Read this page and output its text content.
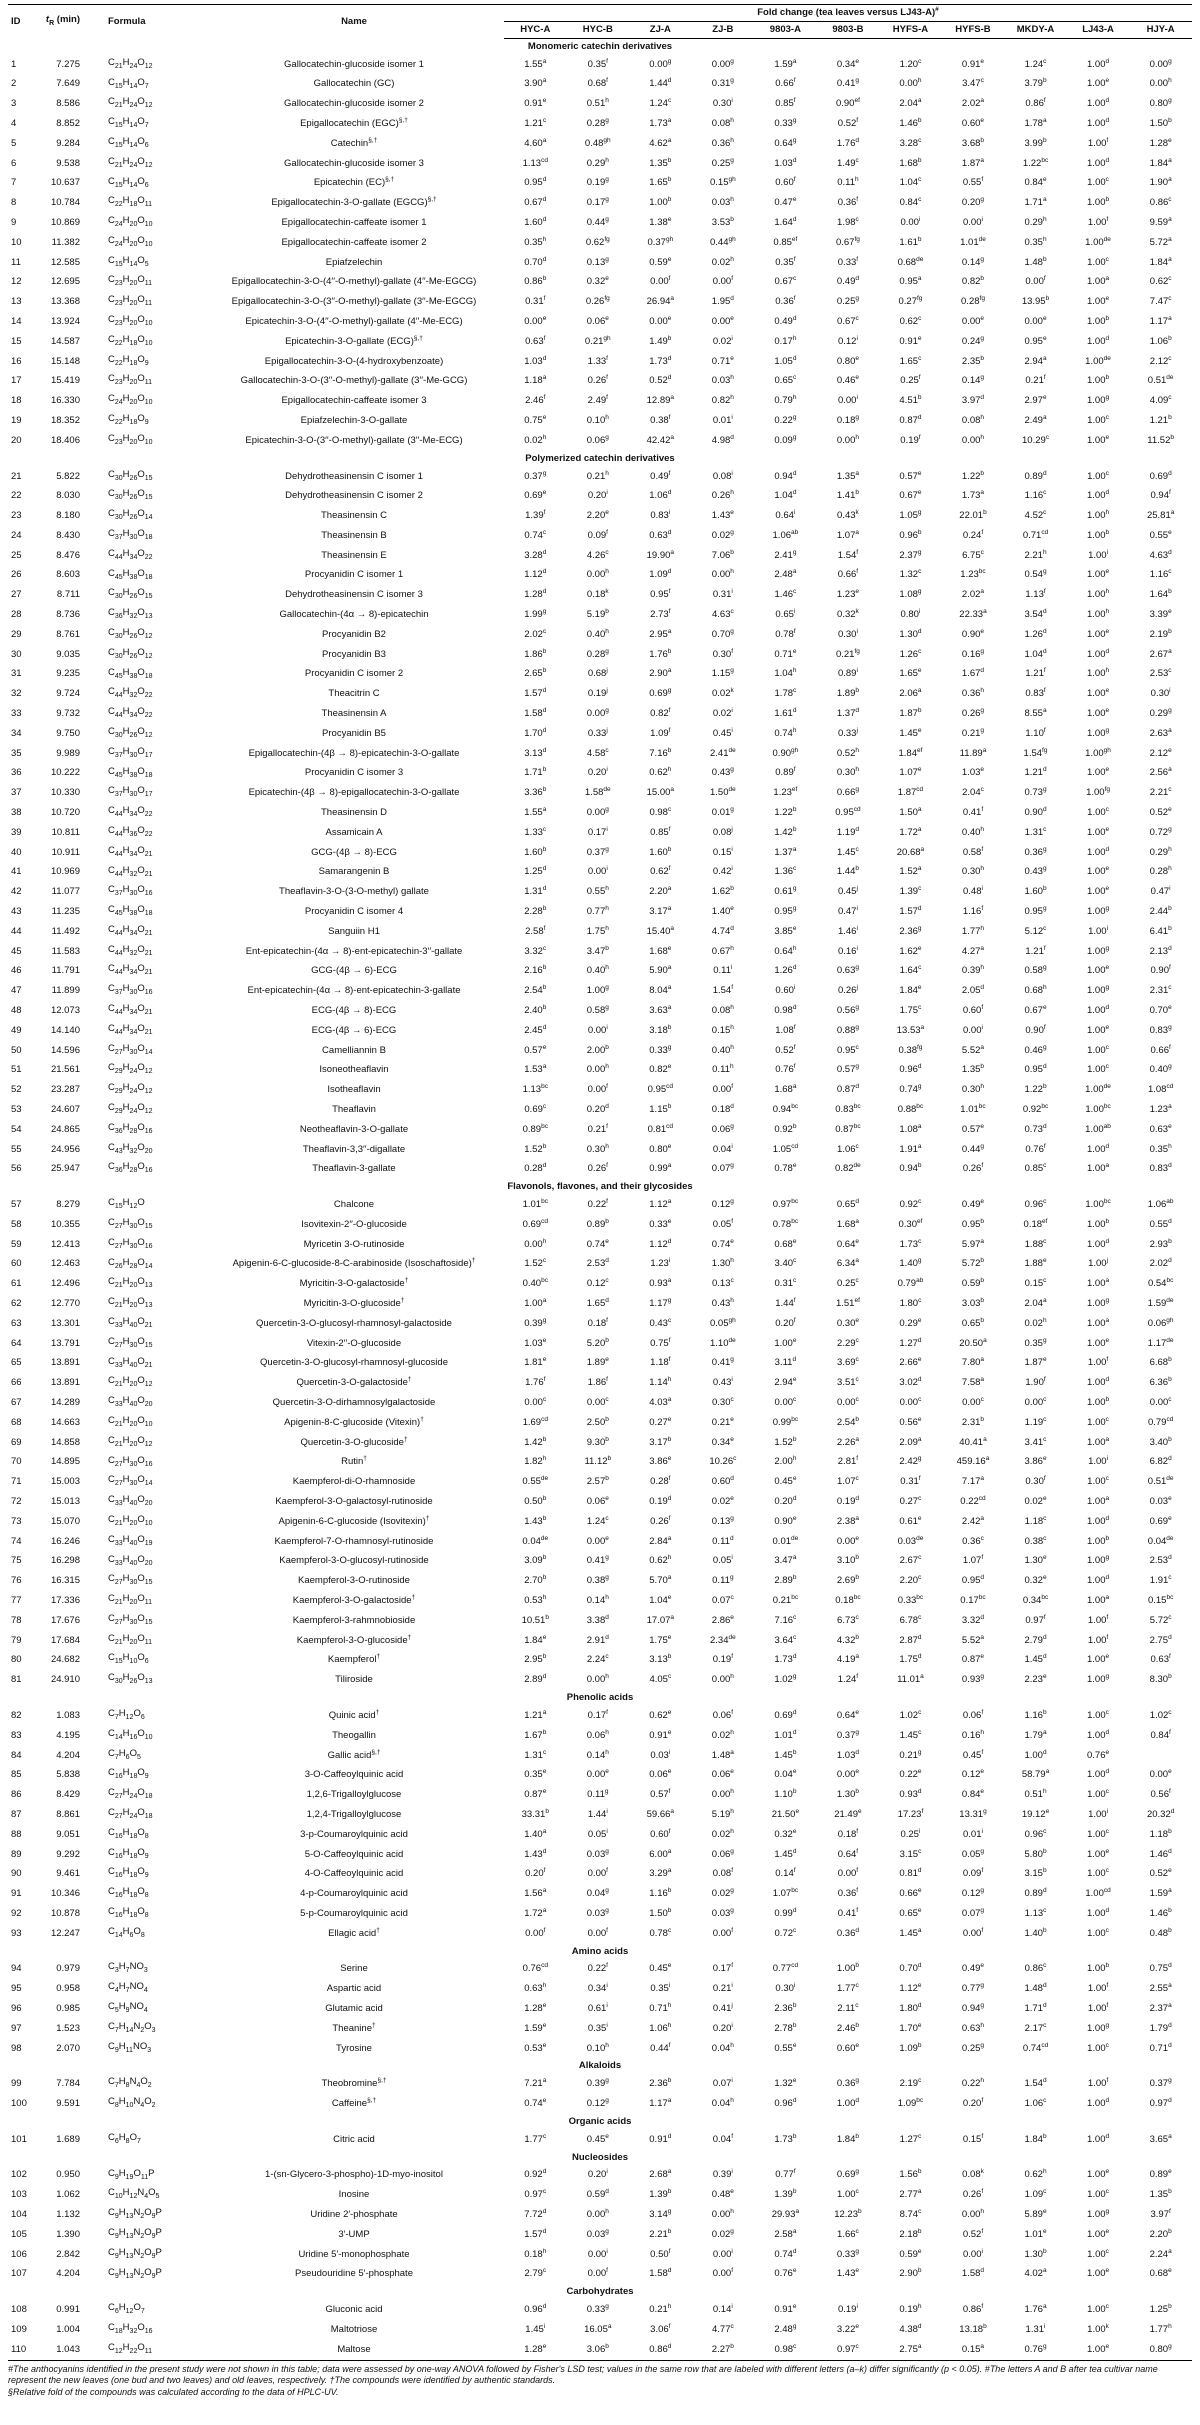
ID	$t_R$ (min)	Formula	Name	Fold change (tea leaves versus LJ43-A)#
				HYC-A	HYC-B	ZJ-A	ZJ-B	9803-A	9803-B	HYFS-A	HYFS-B	MKDY-A	LJ43-A	HJY-A
Monomeric catechin derivatives														
1	7.275	$C_{21}H_{24}O_{12}$	Gallocatechin-glucoside isomer 1	1.55$^a$	0.35$^f$	0.00$^g$	0.00$^g$	1.59$^a$	0.34e	1.20$^c$	0.91e	1.24$^c$	1.00$^d$	0.00$^g$
2	7.649	$C_{15}H_{14}O_7$	Gallocatechin (GC)	3.90$^a$	0.68$^f$	1.44$^d$	0.31$^g$	0.66$^f$	0.41$^g$	0.00$^h$	3.47$^c$	3.79$^b$	1.00e	0.00$^h$
3	8.586	$C_{21}H_{24}O_{12}$	Gallocatechin-glucoside isomer 2	0.91e	0.51$^h$	1.24$^c$	0.30$^i$	0.85$^f$	0.90$^{ef}$	2.04$^a$	2.02$^a$	0.86$^f$	1.00$^d$	0.80$^g$
4	8.852	$C_{15}H_{14}O_7$	Epigallocatechin (EGC)§,†	1.21$^c$	0.28$^g$	1.73$^a$	0.08$^h$	0.33$^g$	0.52$^f$	1.46$^b$	0.60e	1.78$^a$	1.00$^d$	1.50$^b$
5	9.284	$C_{15}H_{14}O_6$	Catechin§,†	4.60$^a$	0.48$^{gh}$	4.62$^a$	0.36$^h$	0.64$^g$	1.76$^d$	3.28$^c$	3.68$^b$	3.99$^b$	1.00$^f$	1.28e
6	9.538	$C_{21}H_{24}O_{12}$	Gallocatechin-glucoside isomer 3	1.13$^{cd}$	0.29$^h$	1.35$^b$	0.25$^g$	1.03$^d$	1.49$^c$	1.68$^b$	1.87$^a$	1.22$^{bc}$	1.00$^d$	1.84$^a$
7	10.637	$C_{15}H_{14}O_6$	Epicatechin (EC)§,†	0.95$^d$	0.19$^g$	1.65$^b$	0.15$^{gh}$	0.60$^f$	0.11$^h$	1.04$^c$	0.55$^f$	0.84e	1.00$^c$	1.90$^a$
8	10.784	$C_{22}H_{18}O_{11}$	Epigallocatechin-3-O-gallate (EGCG)§,†	0.67$^d$	0.17$^g$	1.00$^b$	0.03$^h$	0.47e	0.36$^f$	0.84$^c$	0.20$^g$	1.71$^a$	1.00$^b$	0.86$^c$
9	10.869	$C_{24}H_{20}O_{10}$	Epigallocatechin-caffeate isomer 1	1.60$^d$	0.44$^g$	1.38e	3.53$^b$	1.64$^d$	1.98$^c$	0.00$^i$	0.00$^i$	0.29$^h$	1.00$^f$	9.59$^a$
10	11.382	$C_{24}H_{20}O_{10}$	Epigallocatechin-caffeate isomer 2	0.35$^h$	0.62$^{fg}$	0.37$^{gh}$	0.44$^{gh}$	0.85$^{ef}$	0.67$^{fg}$	1.61$^b$	1.01de	0.35$^h$	1.00de	5.72$^a$
11	12.585	$C_{15}H_{14}O_5$	Epiafzelechin	0.70$^d$	0.13$^g$	0.59e	0.02$^h$	0.35$^f$	0.33$^f$	0.68de	0.14$^g$	1.48$^b$	1.00$^c$	1.84$^a$
12	12.695	$C_{23}H_{20}O_{11}$	Epigallocatechin-3-O-(4′′-O-methyl)-gallate (4′′-Me-EGCG)	0.86$^b$	0.32e	0.00$^f$	0.00$^f$	0.67$^c$	0.49$^d$	0.95$^a$	0.82$^b$	0.00$^f$	1.00$^a$	0.62$^c$
13	13.368	$C_{23}H_{20}O_{11}$	Epigallocatechin-3-O-(3′′-O-methyl)-gallate (3′′-Me-EGCG)	0.31$^f$	0.26$^{fg}$	26.94$^a$	1.95$^d$	0.36$^f$	0.25$^g$	0.27$^{fg}$	0.28$^{fg}$	13.95$^b$	1.00e	7.47$^c$
14	13.924	$C_{23}H_{20}O_{10}$	Epicatechin-3-O-(4′′-O-methyl)-gallate (4′′-Me-ECG)	0.00e	0.06e	0.00e	0.00e	0.49$^d$	0.67$^c$	0.62$^c$	0.00e	0.00e	1.00$^b$	1.17$^a$
15	14.587	$C_{22}H_{18}O_{10}$	Epicatechin-3-O-gallate (ECG)§,†	0.63$^f$	0.21$^{gh}$	1.49$^b$	0.02$^i$	0.17$^h$	0.12$^i$	0.91e	0.24$^g$	0.95e	1.00$^d$	1.06$^b$
16	15.148	$C_{22}H_{18}O_9$	Epigallocatechin-3-O-(4-hydroxybenzoate)	1.03$^d$	1.33$^f$	1.73$^d$	0.71e	1.05$^d$	0.80e	1.65$^c$	2.35$^b$	2.94$^a$	1.00de	2.12$^c$
17	15.419	$C_{23}H_{20}O_{11}$	Gallocatechin-3-O-(3′′-O-methyl)-gallate (3′′-Me-GCG)	1.18$^a$	0.26$^f$	0.52$^d$	0.03$^h$	0.65$^c$	0.46e	0.25$^f$	0.14$^g$	0.21$^f$	1.00$^b$	0.51de
18	16.330	$C_{24}H_{20}O_{10}$	Epigallocatechin-caffeate isomer 3	2.46$^f$	2.49$^f$	12.89$^a$	0.82$^h$	0.79$^h$	0.00$^i$	4.51$^b$	3.97$^d$	2.97e	1.00$^g$	4.09$^c$
19	18.352	$C_{22}H_{18}O_9$	Epiafzelechin-3-O-gallate	0.75e	0.10$^h$	0.38$^f$	0.01$^i$	0.22$^g$	0.18$^g$	0.87$^d$	0.08$^h$	2.49$^a$	1.00$^c$	1.21$^b$
20	18.406	$C_{23}H_{20}O_{10}$	Epicatechin-3-O-(3′′-O-methyl)-gallate (3′′-Me-ECG)	0.02$^h$	0.06$^g$	42.42$^a$	4.98$^d$	0.09$^g$	0.00$^h$	0.19$^f$	0.00$^h$	10.29$^c$	1.00e	11.52$^b$
Polymerized catechin derivatives														
21	5.822	$C_{30}H_{26}O_{15}$	Dehydrotheasinensin C isomer 1	0.37$^g$	0.21$^h$	0.49$^f$	0.08$^i$	0.94$^d$	1.35$^a$	0.57e	1.22$^b$	0.89$^d$	1.00$^c$	0.69$^d$
22	8.030	$C_{30}H_{26}O_{15}$	Dehydrotheasinensin C isomer 2	0.69e	0.20$^i$	1.06$^d$	0.26$^h$	1.04$^d$	1.41$^b$	0.67e	1.73$^a$	1.16$^c$	1.00$^d$	0.94$^f$
23	8.180	$C_{30}H_{26}O_{14}$	Theasinensin C	1.39$^f$	2.20e	0.83$^i$	1.43e	0.64$^i$	0.43$^k$	1.05$^g$	22.01$^b$	4.52$^c$	1.00$^h$	25.81$^a$
24	8.430	$C_{37}H_{30}O_{18}$	Theasinensin B	0.74$^c$	0.09$^f$	0.63$^d$	0.02$^g$	1.06$^{ab}$	1.07$^a$	0.96$^b$	0.24$^f$	0.71$^{cd}$	1.00$^b$	0.55e
25	8.476	$C_{44}H_{34}O_{22}$	Theasinensin E	3.28$^d$	4.26$^c$	19.90$^a$	7.06$^b$	2.41$^g$	1.54$^f$	2.37$^g$	6.75$^c$	2.21$^h$	1.00$^i$	4.63$^d$
26	8.603	$C_{45}H_{38}O_{18}$	Procyanidin C isomer 1	1.12$^d$	0.00$^h$	1.09$^d$	0.00$^h$	2.48$^a$	0.66$^f$	1.32$^c$	1.23$^{bc}$	0.54$^g$	1.00e	1.16$^c$
27	8.711	$C_{30}H_{26}O_{15}$	Dehydrotheasinensin C isomer 3	1.28$^d$	0.18$^k$	0.95$^f$	0.31$^i$	1.46$^c$	1.23e	1.08$^g$	2.02$^a$	1.13$^f$	1.00$^h$	1.64$^b$
28	8.736	$C_{36}H_{32}O_{13}$	Gallocatechin-(4α → 8)-epicatechin	1.99$^g$	5.19$^b$	2.73$^f$	4.63$^c$	0.65$^i$	0.32$^k$	0.80$^i$	22.33$^a$	3.54$^d$	1.00$^h$	3.39e
29	8.761	$C_{30}H_{26}O_{12}$	Procyanidin B2	2.02$^c$	0.40$^h$	2.95$^a$	0.70$^g$	0.78$^f$	0.30$^i$	1.30$^d$	0.90e	1.26$^d$	1.00e	2.19$^b$
30	9.035	$C_{30}H_{26}O_{12}$	Procyanidin B3	1.86$^b$	0.28$^g$	1.76$^b$	0.30$^f$	0.71e	0.21$^{fg}$	1.26$^c$	0.16$^g$	1.04$^d$	1.00$^d$	2.67$^a$
31	9.235	$C_{45}H_{38}O_{18}$	Procyanidin C isomer 2	2.65$^b$	0.68$^j$	2.90$^a$	1.15$^g$	1.04$^h$	0.89$^i$	1.65e	1.67$^d$	1.21$^f$	1.00$^h$	2.53$^c$
32	9.724	$C_{44}H_{32}O_{22}$	Theacitrin C	1.57$^d$	0.19$^j$	0.69$^g$	0.02$^k$	1.78$^c$	1.89$^b$	2.06$^a$	0.36$^h$	0.83$^f$	1.00e	0.30$^i$
33	9.732	$C_{44}H_{34}O_{22}$	Theasinensin A	1.58$^d$	0.00$^g$	0.82$^f$	0.02$^i$	1.61$^d$	1.37$^d$	1.87$^b$	0.26$^g$	8.55$^a$	1.00e	0.29$^g$
34	9.750	$C_{30}H_{26}O_{12}$	Procyanidin B5	1.70$^d$	0.33$^j$	1.09$^f$	0.45$^i$	0.74$^h$	0.33$^j$	1.45e	0.21$^g$	1.10$^f$	1.00$^g$	2.63$^a$
35	9.989	$C_{37}H_{30}O_{17}$	Epigallocatechin-(4β → 8)-epicatechin-3-O-gallate	3.13$^d$	4.58$^c$	7.16$^b$	2.41de	0.90$^{gh}$	0.52$^h$	1.84$^{ef}$	11.89$^a$	1.54$^{fg}$	1.00$^{gh}$	2.12e
36	10.222	$C_{45}H_{38}O_{18}$	Procyanidin C isomer 3	1.71$^b$	0.20$^i$	0.62$^h$	0.43$^g$	0.89$^f$	0.30$^h$	1.07e	1.03e	1.21$^d$	1.00e	2.56$^a$
37	10.330	$C_{37}H_{30}O_{17}$	Epicatechin-(4β → 8)-epigallocatechin-3-O-gallate	3.36$^b$	1.58de	15.00$^a$	1.50de	1.23$^{ef}$	0.66$^g$	1.87$^{cd}$	2.04$^c$	0.73$^g$	1.00$^{fg}$	2.21$^c$
38	10.720	$C_{44}H_{34}O_{22}$	Theasinensin D	1.55$^a$	0.00$^g$	0.98$^c$	0.01$^g$	1.22$^b$	0.95$^{cd}$	1.50$^a$	0.41$^f$	0.90$^d$	1.00$^c$	0.52e
39	10.811	$C_{44}H_{36}O_{22}$	Assamicain A	1.33$^c$	0.17$^i$	0.85$^f$	0.08$^j$	1.42$^b$	1.19$^d$	1.72$^a$	0.40$^h$	1.31$^c$	1.00e	0.72$^g$
40	10.911	$C_{44}H_{34}O_{21}$	GCG-(4β → 8)-ECG	1.60$^b$	0.37$^g$	1.60$^b$	0.15$^i$	1.37$^a$	1.45$^c$	20.68$^a$	0.58$^f$	0.36$^g$	1.00$^d$	0.29$^h$
41	10.969	$C_{44}H_{32}O_{21}$	Samarangenin B	1.25$^d$	0.00$^i$	0.62$^f$	0.42$^i$	1.36$^c$	1.44$^b$	1.52$^a$	0.30$^h$	0.43$^g$	1.00e	0.28$^h$
42	11.077	$C_{37}H_{30}O_{16}$	Theaflavin-3-O-(3-O-methyl) gallate	1.31$^d$	0.55$^h$	2.20$^a$	1.62$^b$	0.61$^g$	0.45$^j$	1.39$^c$	0.48$^i$	1.60$^b$	1.00e	0.47$^i$
43	11.235	$C_{45}H_{38}O_{18}$	Procyanidin C isomer 4	2.28$^b$	0.77$^h$	3.17$^a$	1.40e	0.95$^g$	0.47$^i$	1.57$^d$	1.16$^f$	0.95$^g$	1.00$^g$	2.44$^b$
44	11.492	$C_{44}H_{34}O_{21}$	Sanguiin H1	2.58$^f$	1.75$^h$	15.40$^a$	4.74$^d$	3.85e	1.46$^i$	2.36$^g$	1.77$^h$	5.12$^c$	1.00$^i$	6.41$^b$
45	11.583	$C_{44}H_{32}O_{21}$	Ent-epicatechin-(4α → 8)-ent-epicatechin-3′′-gallate	3.32$^c$	3.47$^b$	1.68e	0.67$^h$	0.64$^h$	0.16$^i$	1.62e	4.27$^a$	1.21$^f$	1.00$^g$	2.13$^d$
46	11.791	$C_{44}H_{34}O_{21}$	GCG-(4β → 6)-ECG	2.16$^b$	0.40$^h$	5.90$^a$	0.11$^i$	1.26$^d$	0.63$^g$	1.64$^c$	0.39$^h$	0.58$^g$	1.00e	0.90$^f$
47	11.899	$C_{37}H_{30}O_{16}$	Ent-epicatechin-(4α → 8)-ent-epicatechin-3-gallate	2.54$^b$	1.00$^g$	8.04$^a$	1.54$^f$	0.60$^i$	0.26$^j$	1.84e	2.05$^d$	0.68$^h$	1.00$^g$	2.31$^c$
48	12.073	$C_{44}H_{34}O_{21}$	ECG-(4β → 8)-ECG	2.40$^b$	0.58$^g$	3.63$^a$	0.08$^h$	0.98$^d$	0.56$^g$	1.75$^c$	0.60$^f$	0.67e	1.00$^d$	0.70e
49	14.140	$C_{44}H_{34}O_{21}$	ECG-(4β → 6)-ECG	2.45$^d$	0.00$^i$	3.18$^b$	0.15$^h$	1.08$^f$	0.88$^g$	13.53$^a$	0.00$^i$	0.90$^f$	1.00e	0.83$^g$
50	14.596	$C_{27}H_{30}O_{14}$	Camelliannin B	0.57e	2.00$^b$	0.33$^g$	0.40$^h$	0.52$^f$	0.95$^c$	0.38$^{fg}$	5.52$^a$	0.46$^g$	1.00$^c$	0.66$^f$
51	21.561	$C_{29}H_{24}O_{12}$	Isoneotheaflavin	1.53$^a$	0.00$^h$	0.82e	0.11$^h$	0.76$^f$	0.57$^g$	0.96$^d$	1.35$^b$	0.95$^d$	1.00$^c$	0.40$^g$
52	23.287	$C_{29}H_{24}O_{12}$	Isotheaflavin	1.13$^{bc}$	0.00$^f$	0.95$^{cd}$	0.00$^f$	1.68$^a$	0.87$^d$	0.74$^g$	0.30$^h$	1.22$^b$	1.00de	1.08$^{cd}$
53	24.607	$C_{29}H_{24}O_{12}$	Theaflavin	0.69$^c$	0.20$^d$	1.15$^b$	0.18$^d$	0.94$^{bc}$	0.83$^{bc}$	0.88$^{bc}$	1.01$^{bc}$	0.92$^{bc}$	1.00$^{bc}$	1.23$^a$
54	24.865	$C_{36}H_{28}O_{16}$	Neotheaflavin-3-O-gallate	0.89$^{bc}$	0.21$^f$	0.81$^{cd}$	0.06$^g$	0.92$^b$	0.87$^{bc}$	1.08$^a$	0.57e	0.73$^d$	1.00$^{ab}$	0.63e
55	24.956	$C_{43}H_{32}O_{20}$	Theaflavin-3,3′′-digallate	1.52$^b$	0.30$^h$	0.80e	0.04$^i$	1.05$^{cd}$	1.06$^c$	1.91$^a$	0.44$^g$	0.76$^f$	1.00$^d$	0.35$^h$
56	25.947	$C_{36}H_{28}O_{16}$	Theaflavin-3-gallate	0.28$^d$	0.26$^f$	0.99$^a$	0.07$^g$	0.78e	0.82de	0.94$^b$	0.26$^f$	0.85$^c$	1.00$^a$	0.83$^d$
Flavonols, flavones, and their glycosides														
57	8.279	$C_{15}H_{12}O$	Chalcone	1.01$^{bc}$	0.22$^f$	1.12$^a$	0.12$^g$	0.97$^{bc}$	0.65$^d$	0.92$^c$	0.49e	0.96$^c$	1.00$^{bc}$	1.06$^{ab}$
58	10.355	$C_{27}H_{30}O_{15}$	Isovitexin-2′′-O-glucoside	0.69$^{cd}$	0.89$^b$	0.33e	0.05$^f$	0.78$^{bc}$	1.68$^a$	0.30$^{ef}$	0.95$^b$	0.18$^{ef}$	1.00$^b$	0.55$^d$
59	12.413	$C_{27}H_{30}O_{16}$	Myricetin 3-O-rutinoside	0.00$^h$	0.74e	1.12$^d$	0.74e	0.68e	0.64e	1.73$^c$	5.97$^a$	1.88$^c$	1.00$^d$	2.93$^b$
60	12.463	$C_{26}H_{28}O_{14}$	Apigenin-6-C-glucoside-8-C-arabinoside (Isoschaftoside)†	1.52$^c$	2.53$^d$	1.23$^i$	1.30$^h$	3.40$^c$	6.34$^a$	1.40$^g$	5.72$^b$	1.88e	1.00$^j$	2.02$^d$
61	12.496	$C_{21}H_{20}O_{13}$	Myricitin-3-O-galactoside†	0.40$^{bc}$	0.12$^c$	0.93$^a$	0.13$^c$	0.31$^c$	0.25$^c$	0.79$^{ab}$	0.59$^b$	0.15$^c$	1.00$^a$	0.54$^{bc}$
62	12.770	$C_{21}H_{20}O_{13}$	Myricitin-3-O-glucoside†	1.00$^a$	1.65$^d$	1.17$^g$	0.43$^h$	1.44$^f$	1.51$^{ef}$	1.80$^c$	3.03$^b$	2.04$^a$	1.00$^g$	1.59de
63	13.301	$C_{33}H_{40}O_{21}$	Quercetin-3-O-glucosyl-rhamnosyl-galactoside	0.39$^g$	0.18$^f$	0.43$^c$	0.05$^{gh}$	0.20$^f$	0.30e	0.29e	0.65$^b$	0.02$^h$	1.00$^a$	0.06$^{gh}$
64	13.791	$C_{27}H_{30}O_{15}$	Vitexin-2′′-O-glucoside	1.03e	5.20$^b$	0.75$^f$	1.10de	1.00e	2.29$^c$	1.27$^d$	20.50$^a$	0.35$^g$	1.00e	1.17de
65	13.891	$C_{33}H_{40}O_{21}$	Quercetin-3-O-glucosyl-rhamnosyl-glucoside	1.81e	1.89e	1.18$^f$	0.41$^g$	3.11$^d$	3.69$^c$	2.66e	7.80$^a$	1.87e	1.00$^f$	6.68$^b$
66	13.891	$C_{21}H_{20}O_{12}$	Quercetin-3-O-galactoside†	1.76$^f$	1.86$^f$	1.14$^h$	0.43$^i$	2.94e	3.51$^c$	3.02$^d$	7.58$^a$	1.90$^f$	1.00$^d$	6.36$^b$
67	14.289	$C_{33}H_{40}O_{20}$	Quercetin-3-O-dirhamnosylgalactoside	0.00$^c$	0.00$^c$	4.03$^a$	0.30$^c$	0.00$^c$	0.00$^c$	0.00$^c$	0.00$^c$	0.00$^c$	1.00$^b$	0.00$^c$
68	14.663	$C_{21}H_{20}O_{10}$	Apigenin-8-C-glucoside (Vitexin)†	1.69$^{cd}$	2.50$^b$	0.27e	0.21e	0.99$^{bc}$	2.54$^b$	0.56e	2.31$^b$	1.19$^c$	1.00$^c$	0.79$^{cd}$
69	14.858	$C_{21}H_{20}O_{12}$	Quercetin-3-O-glucoside†	1.42$^b$	9.30$^b$	3.17$^b$	0.34e	1.52$^b$	2.26$^a$	2.09$^a$	40.41$^a$	3.41$^c$	1.00$^a$	3.40$^b$
70	14.895	$C_{27}H_{30}O_{16}$	Rutin†	1.82$^h$	11.12$^b$	3.86e	10.26$^c$	2.00$^h$	2.81$^f$	2.42$^g$	459.16$^a$	3.86e	1.00$^i$	6.82$^d$
71	15.003	$C_{27}H_{30}O_{14}$	Kaempferol-di-O-rhamnoside	0.55de	2.57$^b$	0.28$^f$	0.60$^d$	0.45e	1.07$^c$	0.31$^f$	7.17$^a$	0.30$^f$	1.00$^c$	0.51de
72	15.013	$C_{33}H_{40}O_{20}$	Kaempferol-3-O-galactosyl-rutinoside	0.50$^b$	0.06e	0.19$^d$	0.02e	0.20$^d$	0.19$^d$	0.27$^c$	0.22$^{cd}$	0.02e	1.00$^a$	0.03e
73	15.070	$C_{21}H_{20}O_{10}$	Apigenin-6-C-glucoside (Isovitexin)†	1.43$^b$	1.24$^c$	0.26$^f$	0.13$^g$	0.90e	2.38$^a$	0.61e	2.42$^a$	1.18$^c$	1.00$^d$	0.69e
74	16.246	$C_{33}H_{40}O_{19}$	Kaempferol-7-O-rhamnosyl-rutinoside	0.04de	0.00e	2.84$^a$	0.11$^d$	0.01de	0.00e	0.03de	0.36$^c$	0.38$^c$	1.00$^b$	0.04de
75	16.298	$C_{33}H_{40}O_{20}$	Kaempferol-3-O-glucosyl-rutinoside	3.09$^b$	0.41$^g$	0.62$^h$	0.05$^i$	3.47$^a$	3.10$^b$	2.67$^c$	1.07$^f$	1.30e	1.00$^g$	2.53$^d$
76	16.315	$C_{27}H_{30}O_{15}$	Kaempferol-3-O-rutinoside	2.70$^b$	0.38$^g$	5.70$^a$	0.11$^g$	2.89$^b$	2.69$^b$	2.20$^c$	0.95$^d$	0.32e	1.00$^d$	1.91$^c$
77	17.336	$C_{21}H_{20}O_{11}$	Kaempferol-3-O-galactoside†	0.53$^h$	0.14$^h$	1.04e	0.07$^c$	0.21$^{bc}$	0.18$^{bc}$	0.33$^{bc}$	0.17$^{bc}$	0.34$^{bc}$	1.00$^a$	0.15$^{bc}$
78	17.676	$C_{27}H_{30}O_{15}$	Kaempferol-3-rahmnobioside	10.51$^b$	3.38$^d$	17.07$^a$	2.86e	7.16$^c$	6.73$^c$	6.78$^c$	3.32$^d$	0.97$^f$	1.00$^f$	5.72$^c$
79	17.684	$C_{21}H_{20}O_{11}$	Kaempferol-3-O-glucoside†	1.84e	2.91$^d$	1.75e	2.34de	3.64$^c$	4.32$^b$	2.87$^d$	5.52$^a$	2.79$^d$	1.00$^f$	2.75$^d$
80	24.682	$C_{15}H_{10}O_6$	Kaempferol†	2.95$^b$	2.24$^c$	3.13$^b$	0.19$^f$	1.73$^d$	4.19$^a$	1.75$^d$	0.87e	1.45$^d$	1.00e	0.63$^f$
81	24.910	$C_{30}H_{26}O_{13}$	Tiliroside	2.89$^d$	0.00$^h$	4.05$^c$	0.00$^h$	1.02$^g$	1.24$^f$	11.01$^a$	0.93$^g$	2.23e	1.00$^g$	8.30$^b$
Phenolic acids														
82	1.083	$C_7H_{12}O_6$	Quinic acid†	1.21$^a$	0.17$^f$	0.62e	0.06$^f$	0.69$^d$	0.64e	1.02$^c$	0.06$^f$	1.16$^b$	1.00$^c$	1.02$^c$
83	4.195	$C_{14}H_{16}O_{10}$	Theogallin	1.67$^b$	0.06$^h$	0.91e	0.02$^h$	1.01$^d$	0.37$^g$	1.45$^c$	0.16$^h$	1.79$^a$	1.00$^d$	0.84$^f$
84	4.204	$C_7H_6O_5$	Gallic acid§,†	1.31$^c$	0.14$^h$	0.03$^i$	1.48$^a$	1.45$^b$	1.03$^d$	0.21$^g$	0.45$^f$	1.00$^d$	0.76e
85	5.838	$C_{16}H_{18}O_9$	3-O-Caffeoylquinic acid	0.35e	0.00e	0.06e	0.06e	0.04e	0.00e	0.22e	0.12e	58.79$^a$	1.00$^d$	0.00e
86	8.429	$C_{27}H_{24}O_{18}$	1,2,6-Trigalloylglucose	0.87e	0.11$^g$	0.57$^f$	0.00$^h$	1.10$^b$	1.30$^b$	0.93$^d$	0.84e	0.51$^h$	1.00$^c$	0.56$^f$
87	8.861	$C_{27}H_{24}O_{18}$	1,2,4-Trigalloylglucose	33.31$^b$	1.44$^i$	59.66$^a$	5.19$^h$	21.50e	21.49e	17.23$^f$	13.31$^g$	19.12e	1.00$^i$	20.32$^d$
88	9.051	$C_{16}H_{18}O_8$	3-p-Coumaroylquinic acid	1.40$^a$	0.05$^i$	0.60$^f$	0.02$^h$	0.32e	0.18$^f$	0.25$^i$	0.01$^i$	0.96$^c$	1.00$^c$	1.18$^b$
89	9.292	$C_{16}H_{18}O_9$	5-O-Caffeoylquinic acid	1.43$^d$	0.03$^g$	6.00$^a$	0.06$^g$	1.45$^d$	0.64$^f$	3.15$^c$	0.05$^g$	5.80$^b$	1.00e	1.46$^d$
90	9.461	$C_{16}H_{18}O_9$	4-O-Caffeoylquinic acid	0.20$^f$	0.00$^f$	3.29$^a$	0.08$^f$	0.14$^f$	0.00$^f$	0.81$^d$	0.09$^f$	3.15$^b$	1.00$^c$	0.52e
91	10.346	$C_{16}H_{18}O_8$	4-p-Coumaroylquinic acid	1.56$^a$	0.04$^g$	1.16$^b$	0.02$^g$	1.07$^{bc}$	0.36$^f$	0.66e	0.12$^g$	0.89$^d$	1.00$^{cd}$	1.59$^a$
92	10.878	$C_{16}H_{18}O_8$	5-p-Coumaroylquinic acid	1.72$^a$	0.03$^g$	1.50$^b$	0.03$^g$	0.99$^d$	0.41$^f$	0.65e	0.07$^g$	1.13$^c$	1.00$^d$	1.46$^b$
93	12.247	$C_{14}H_6O_8$	Ellagic acid†	0.00$^f$	0.00$^f$	0.78$^c$	0.00$^f$	0.72$^c$	0.36$^d$	1.45$^a$	0.00$^f$	1.40$^b$	1.00$^c$	0.48$^b$
Amino acids														
94	0.979	$C_3H_7NO_3$	Serine	0.76$^{cd}$	0.22$^f$	0.45e	0.17$^f$	0.77$^{cd}$	1.00$^b$	0.70$^d$	0.49e	0.86$^c$	1.00$^b$	0.75$^d$
95	0.958	$C_4H_7NO_4$	Aspartic acid	0.63$^h$	0.34$^i$	0.35$^i$	0.21$^i$	0.30$^i$	1.77$^c$	1.12e	0.77$^g$	1.48$^d$	1.00$^f$	2.55$^a$
96	0.985	$C_5H_9NO_4$	Glutamic acid	1.28e	0.61$^i$	0.71$^h$	0.41$^j$	2.36$^b$	2.11$^c$	1.80$^d$	0.94$^g$	1.71$^d$	1.00$^f$	2.37$^a$
97	1.523	$C_7H_{14}N_2O_3$	Theanine†	1.59e	0.35$^i$	1.06$^h$	0.20$^i$	2.78$^b$	2.46$^b$	1.70e	0.63$^h$	2.17$^c$	1.00$^g$	1.79$^d$
98	2.070	$C_9H_{11}NO_3$	Tyrosine	0.53e	0.10$^h$	0.44$^f$	0.04$^h$	0.55e	0.60e	1.09$^b$	0.25$^g$	0.74$^{cd}$	1.00$^c$	0.71$^d$
Alkaloids														
99	7.784	$C_7H_8N_4O_2$	Theobromine§,†	7.21$^a$	0.39$^g$	2.36$^b$	0.07$^i$	1.32e	0.36$^g$	2.19$^c$	0.22$^h$	1.54$^d$	1.00$^f$	0.37$^g$
100	9.591	$C_8H_{10}N_4O_2$	Caffeine§,†	0.74e	0.12$^g$	1.17$^a$	0.04$^h$	0.96$^d$	1.00$^d$	1.09$^{bc}$	0.20$^f$	1.06$^c$	1.00$^d$	0.97$^d$
Organic acids														
101	1.689	$C_6H_8O_7$	Citric acid	1.77$^c$	0.45e	0.91$^d$	0.04$^f$	1.73$^b$	1.84$^b$	1.27$^c$	0.15$^f$	1.84$^b$	1.00$^d$	3.65$^a$
Nucleosides														
102	0.950	$C_9H_{19}O_{11}P$	1-(sn-Glycero-3-phospho)-1D-myo-inositol	0.92$^d$	0.20$^i$	2.68$^a$	0.39$^i$	0.77$^f$	0.69$^g$	1.56$^b$	0.08$^k$	0.62$^h$	1.00e	0.89e
103	1.062	$C_{10}H_{12}N_4O_5$	Inosine	0.97$^c$	0.59$^d$	1.39$^b$	0.48e	1.39$^b$	1.00$^c$	2.77$^a$	0.26$^f$	1.09$^c$	1.00$^c$	1.35$^b$
104	1.132	$C_9H_{13}N_2O_9P$	Uridine 2′-phosphate	7.72$^d$	0.00$^h$	3.14$^g$	0.00$^h$	29.93$^a$	12.23$^b$	8.74$^c$	0.00$^h$	5.89e	1.00$^g$	3.97$^f$
105	1.390	$C_9H_{13}N_2O_9P$	3′-UMP	1.57$^d$	0.03$^g$	2.21$^b$	0.02$^g$	2.58$^a$	1.66$^c$	2.18$^b$	0.52$^f$	1.01e	1.00e	2.20$^b$
106	2.842	$C_9H_{13}N_2O_9P$	Uridine 5′-monophosphate	0.18$^h$	0.00$^i$	0.50$^f$	0.00$^i$	0.74$^d$	0.33$^g$	0.59e	0.00$^i$	1.30$^b$	1.00$^c$	2.24$^a$
107	4.204	$C_9H_{13}N_2O_9P$	Pseudouridine 5′-phosphate	2.79$^c$	0.00$^f$	1.58$^d$	0.00$^f$	0.76e	1.43e	2.90$^b$	1.58$^d$	4.02$^a$	1.00e	0.68e
Carbohydrates														
108	0.991	$C_6H_{12}O_7$	Gluconic acid	0.96$^d$	0.33$^g$	0.21$^h$	0.14$^i$	0.91e	0.19$^i$	0.19$^h$	0.86$^f$	1.76$^a$	1.00$^c$	1.25$^b$
109	1.004	$C_{18}H_{32}O_{16}$	Maltotriose	1.45$^i$	16.05$^a$	3.06$^f$	4.77$^c$	2.48$^g$	3.22e	4.38$^d$	13.18$^b$	1.31$^i$	1.00$^k$	1.77$^h$
110	1.043	$C_{12}H_{22}O_{11}$	Maltose	1.28e	3.06$^b$	0.86$^d$	2.27$^b$	0.98$^c$	0.97$^c$	2.75$^a$	0.15$^a$	0.76$^g$	1.00e	0.80$^g$

#The anthocyanins identified in the present study were not shown in this table; data were assessed by one-way ANOVA followed by Fisher's LSD test; values in the same row that are labeled with different letters (a–k) differ significantly (p < 0.05). #The letters A and B after tea cultivar name represent the new leaves (one bud and two leaves) and old leaves, respectively. †The compounds were identified by authentic standards.

§Relative fold of the compounds was calculated according to the data of HPLC-UV.
